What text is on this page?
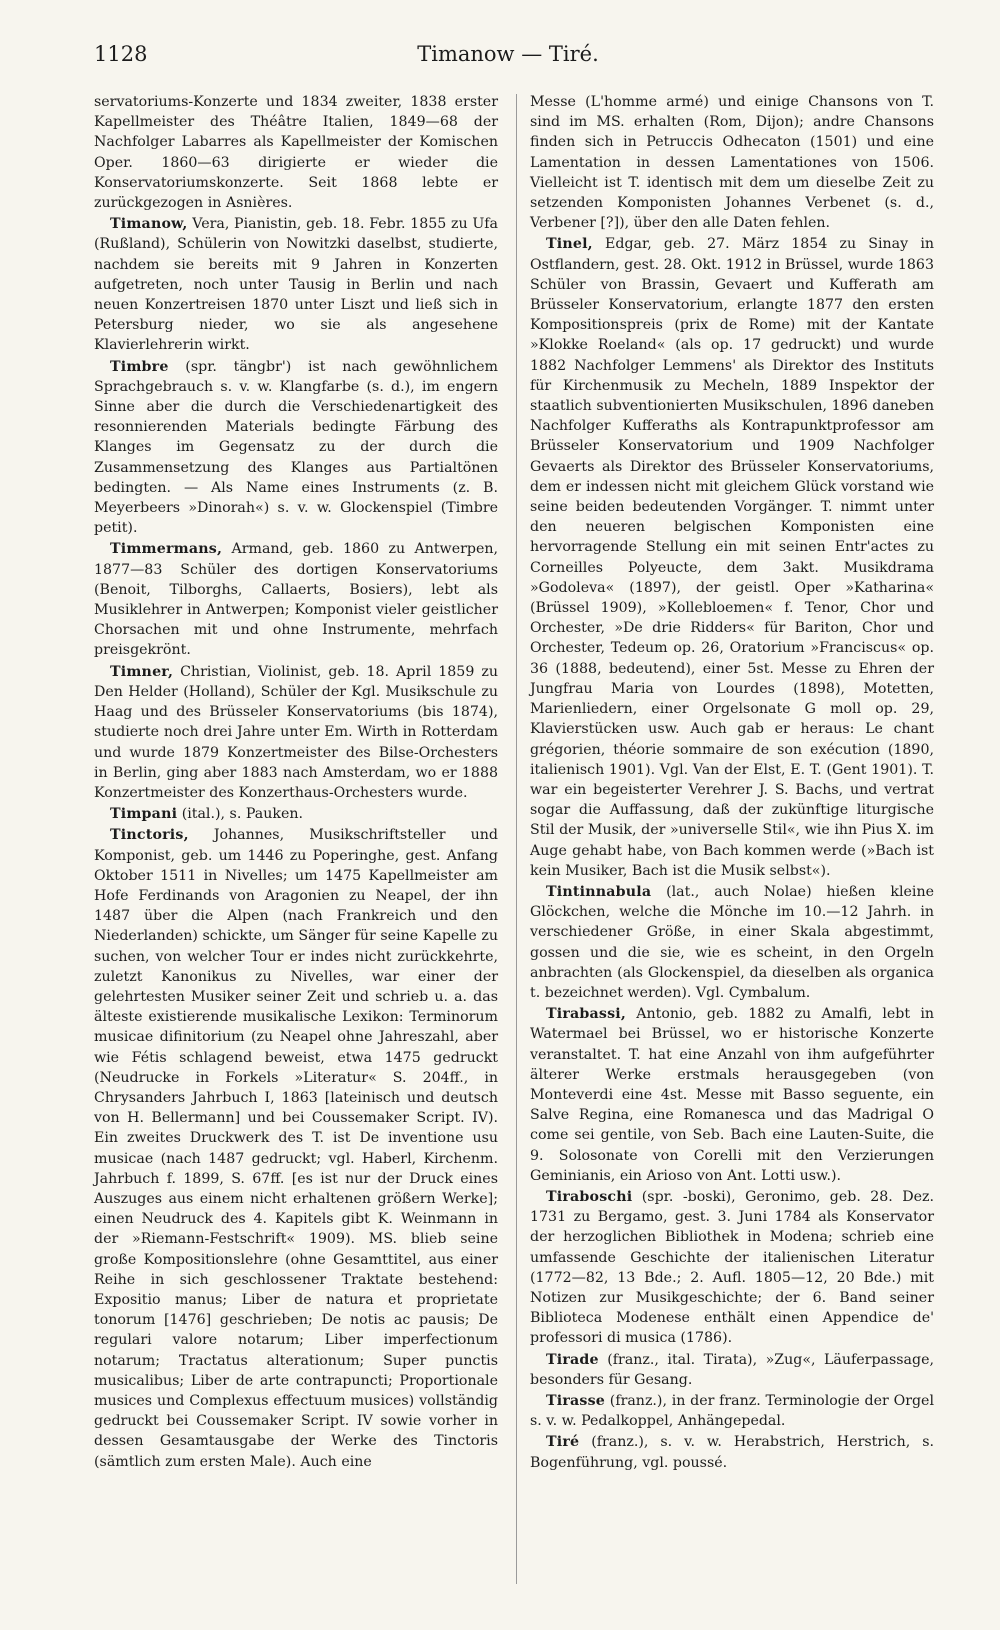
1128	Timanow — Tiré.

servatoriums-Konzerte und 1834 zweiter, 1838 erster Kapellmeister des Théâtre Italien, 1849—68 der Nachfolger Labarres als Kapellmeister der Komischen Oper. 1860—63 dirigierte er wieder die Konservatoriumskonzerte. Seit 1868 lebte er zurückgezogen in Asnières.

Timanow, Vera, Pianistin, geb. 18. Febr. 1855 zu Ufa (Rußland), Schülerin von Nowitzki daselbst, studierte, nachdem sie bereits mit 9 Jahren in Konzerten aufgetreten, noch unter Tausig in Berlin und nach neuen Konzertreisen 1870 unter Liszt und ließ sich in Petersburg nieder, wo sie als angesehene Klavierlehrerin wirkt.

Timbre (spr. tängbr') ist nach gewöhnlichem Sprachgebrauch s. v. w. Klangfarbe (s. d.), im engern Sinne aber die durch die Verschiedenartigkeit des resonnierenden Materials bedingte Färbung des Klanges im Gegensatz zu der durch die Zusammensetzung des Klanges aus Partialtönen bedingten. — Als Name eines Instruments (z. B. Meyerbeers »Dinorah«) s. v. w. Glockenspiel (Timbre petit).

Timmermans, Armand, geb. 1860 zu Antwerpen, 1877—83 Schüler des dortigen Konservatoriums (Benoit, Tilborghs, Callaerts, Bosiers), lebt als Musiklehrer in Antwerpen; Komponist vieler geistlicher Chorsachen mit und ohne Instrumente, mehrfach preisgekrönt.

Timner, Christian, Violinist, geb. 18. April 1859 zu Den Helder (Holland), Schüler der Kgl. Musikschule zu Haag und des Brüsseler Konservatoriums (bis 1874), studierte noch drei Jahre unter Em. Wirth in Rotterdam und wurde 1879 Konzertmeister des Bilse-Orchesters in Berlin, ging aber 1883 nach Amsterdam, wo er 1888 Konzertmeister des Konzerthaus-Orchesters wurde.

Timpani (ital.), s. Pauken.

Tinctoris, Johannes, Musikschriftsteller und Komponist, geb. um 1446 zu Poperinghe, gest. Anfang Oktober 1511 in Nivelles; um 1475 Kapellmeister am Hofe Ferdinands von Aragonien zu Neapel, der ihn 1487 über die Alpen (nach Frankreich und den Niederlanden) schickte, um Sänger für seine Kapelle zu suchen, von welcher Tour er indes nicht zurückkehrte, zuletzt Kanonikus zu Nivelles, war einer der gelehrtesten Musiker seiner Zeit und schrieb u. a. das älteste existierende musikalische Lexikon: Terminorum musicae difinitorium (zu Neapel ohne Jahreszahl, aber wie Fétis schlagend beweist, etwa 1475 gedruckt (Neudrucke in Forkels »Literatur« S. 204ff., in Chrysanders Jahrbuch I, 1863 [lateinisch und deutsch von H. Bellermann] und bei Coussemaker Script. IV). Ein zweites Druckwerk des T. ist De inventione usu musicae (nach 1487 gedruckt; vgl. Haberl, Kirchenm. Jahrbuch f. 1899, S. 67ff. [es ist nur der Druck eines Auszuges aus einem nicht erhaltenen größern Werke]; einen Neudruck des 4. Kapitels gibt K. Weinmann in der »Riemann-Festschrift« 1909). MS. blieb seine große Kompositionslehre (ohne Gesamttitel, aus einer Reihe in sich geschlossener Traktate bestehend: Expositio manus; Liber de natura et proprietate tonorum [1476] geschrieben; De notis ac pausis; De regulari valore notarum; Liber imperfectionum notarum; Tractatus alterationum; Super punctis musicalibus; Liber de arte contrapuncti; Proportionale musices und Complexus effectuum musices) vollständig gedruckt bei Coussemaker Script. IV sowie vorher in dessen Gesamtausgabe der Werke des Tinctoris (sämtlich zum ersten Male). Auch eine

Messe (L'homme armé) und einige Chansons von T. sind im MS. erhalten (Rom, Dijon); andre Chansons finden sich in Petruccis Odhecaton (1501) und eine Lamentation in dessen Lamentationes von 1506. Vielleicht ist T. identisch mit dem um dieselbe Zeit zu setzenden Komponisten Johannes Verbenet (s. d., Verbener [?]), über den alle Daten fehlen.

Tinel, Edgar, geb. 27. März 1854 zu Sinay in Ostflandern, gest. 28. Okt. 1912 in Brüssel, wurde 1863 Schüler von Brassin, Gevaert und Kufferath am Brüsseler Konservatorium, erlangte 1877 den ersten Kompositionspreis (prix de Rome) mit der Kantate »Klokke Roeland« (als op. 17 gedruckt) und wurde 1882 Nachfolger Lemmens' als Direktor des Instituts für Kirchenmusik zu Mecheln, 1889 Inspektor der staatlich subventionierten Musikschulen, 1896 daneben Nachfolger Kufferaths als Kontrapunktprofessor am Brüsseler Konservatorium und 1909 Nachfolger Gevaerts als Direktor des Brüsseler Konservatoriums, dem er indessen nicht mit gleichem Glück vorstand wie seine beiden bedeutenden Vorgänger. T. nimmt unter den neueren belgischen Komponisten eine hervorragende Stellung ein mit seinen Entr'actes zu Corneilles Polyeucte, dem 3akt. Musikdrama »Godoleva« (1897), der geistl. Oper »Katharina« (Brüssel 1909), »Kollebloemen« f. Tenor, Chor und Orchester, »De drie Ridders« für Bariton, Chor und Orchester, Tedeum op. 26, Oratorium »Franciscus« op. 36 (1888, bedeutend), einer 5st. Messe zu Ehren der Jungfrau Maria von Lourdes (1898), Motetten, Marienliedern, einer Orgelsonate G moll op. 29, Klavierstücken usw. Auch gab er heraus: Le chant grégorien, théorie sommaire de son exécution (1890, italienisch 1901). Vgl. Van der Elst, E. T. (Gent 1901). T. war ein begeisterter Verehrer J. S. Bachs, und vertrat sogar die Auffassung, daß der zukünftige liturgische Stil der Musik, der »universelle Stil«, wie ihn Pius X. im Auge gehabt habe, von Bach kommen werde (»Bach ist kein Musiker, Bach ist die Musik selbst«).

Tintinnabula (lat., auch Nolae) hießen kleine Glöckchen, welche die Mönche im 10.—12 Jahrh. in verschiedener Größe, in einer Skala abgestimmt, gossen und die sie, wie es scheint, in den Orgeln anbrachten (als Glockenspiel, da dieselben als organica t. bezeichnet werden). Vgl. Cymbalum.

Tirabassi, Antonio, geb. 1882 zu Amalfi, lebt in Watermael bei Brüssel, wo er historische Konzerte veranstaltet. T. hat eine Anzahl von ihm aufgeführter älterer Werke erstmals herausgegeben (von Monteverdi eine 4st. Messe mit Basso seguente, ein Salve Regina, eine Romanesca und das Madrigal O come sei gentile, von Seb. Bach eine Lauten-Suite, die 9. Solosonate von Corelli mit den Verzierungen Geminianis, ein Arioso von Ant. Lotti usw.).

Tiraboschi (spr. -boski), Geronimo, geb. 28. Dez. 1731 zu Bergamo, gest. 3. Juni 1784 als Konservator der herzoglichen Bibliothek in Modena; schrieb eine umfassende Geschichte der italienischen Literatur (1772—82, 13 Bde.; 2. Aufl. 1805—12, 20 Bde.) mit Notizen zur Musikgeschichte; der 6. Band seiner Biblioteca Modenese enthält einen Appendice de' professori di musica (1786).

Tirade (franz., ital. Tirata), »Zug«, Läuferpassage, besonders für Gesang.

Tirasse (franz.), in der franz. Terminologie der Orgel s. v. w. Pedalkoppel, Anhängepedal.

Tiré (franz.), s. v. w. Herabstrich, Herstrich, s. Bogenführung, vgl. poussé.
